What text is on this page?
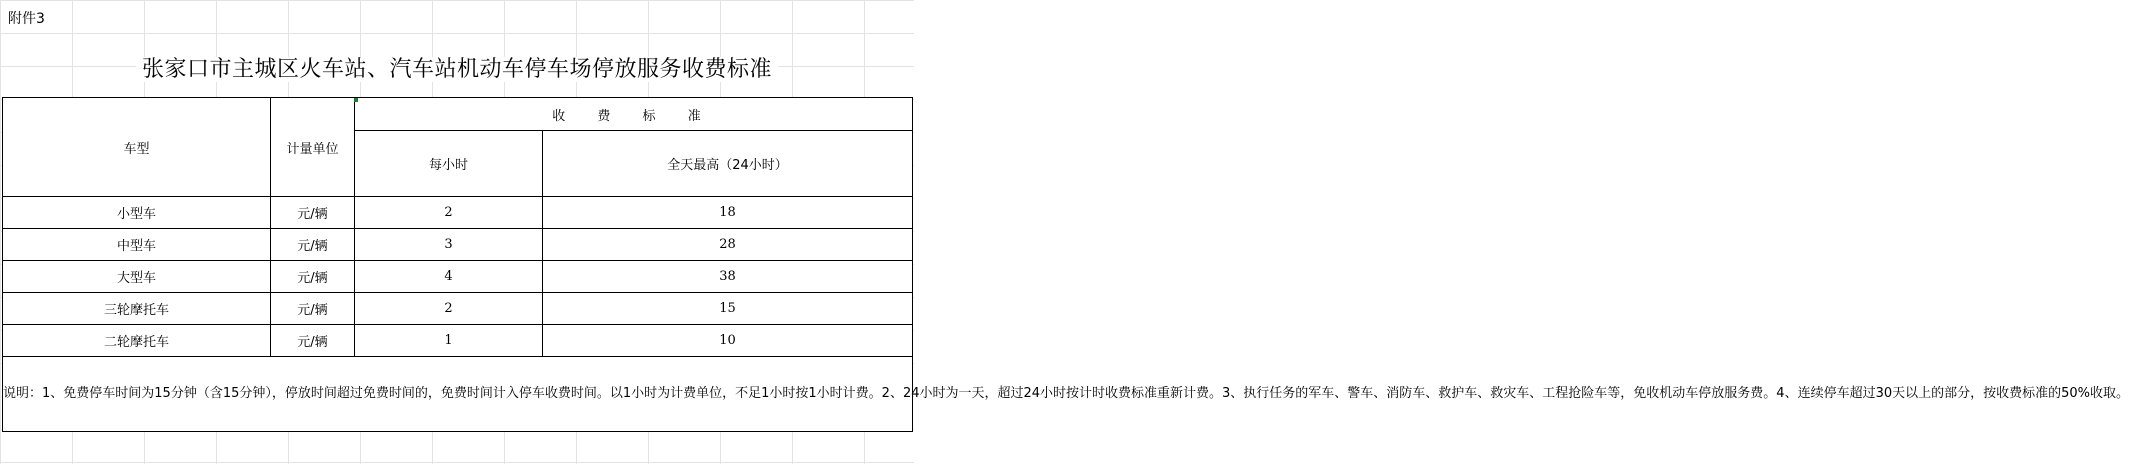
附件3
张家口市主城区火车站、汽车站机动车停车场停放服务收费标准
车型	计量单位	收 费 标 准	
		每小时	全天最高（24小时）
小型车	元/辆	2	18
中型车	元/辆	3	28
大型车	元/辆	4	38
三轮摩托车	元/辆	2	15
二轮摩托车	元/辆	1	10
说明：1、免费停车时间为15分钟（含15分钟），停放时间超过免费时间的，免费时间计入停车收费时间。以1小时为计费单位，不足1小时按1小时计费。2、24小时为一天，超过24小时按计时收费标准重新计费。3、执行任务的军车、警车、消防车、救护车、救灾车、工程抢险车等，免收机动车停放服务费。4、连续停车超过30天以上的部分，按收费标准的50%收取。			
